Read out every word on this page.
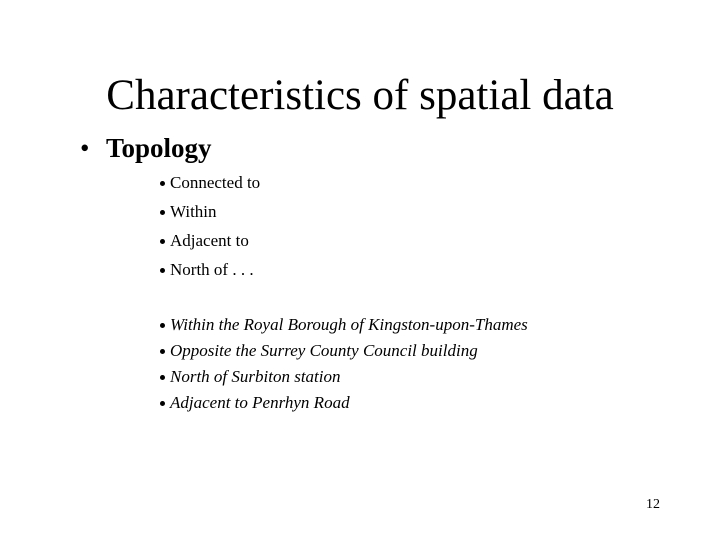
Characteristics of spatial data
• Topology
Connected to
Within
Adjacent to
North of . . .
Within the Royal Borough of Kingston-upon-Thames
Opposite the Surrey County Council building
North of Surbiton station
Adjacent to Penrhyn Road
12
